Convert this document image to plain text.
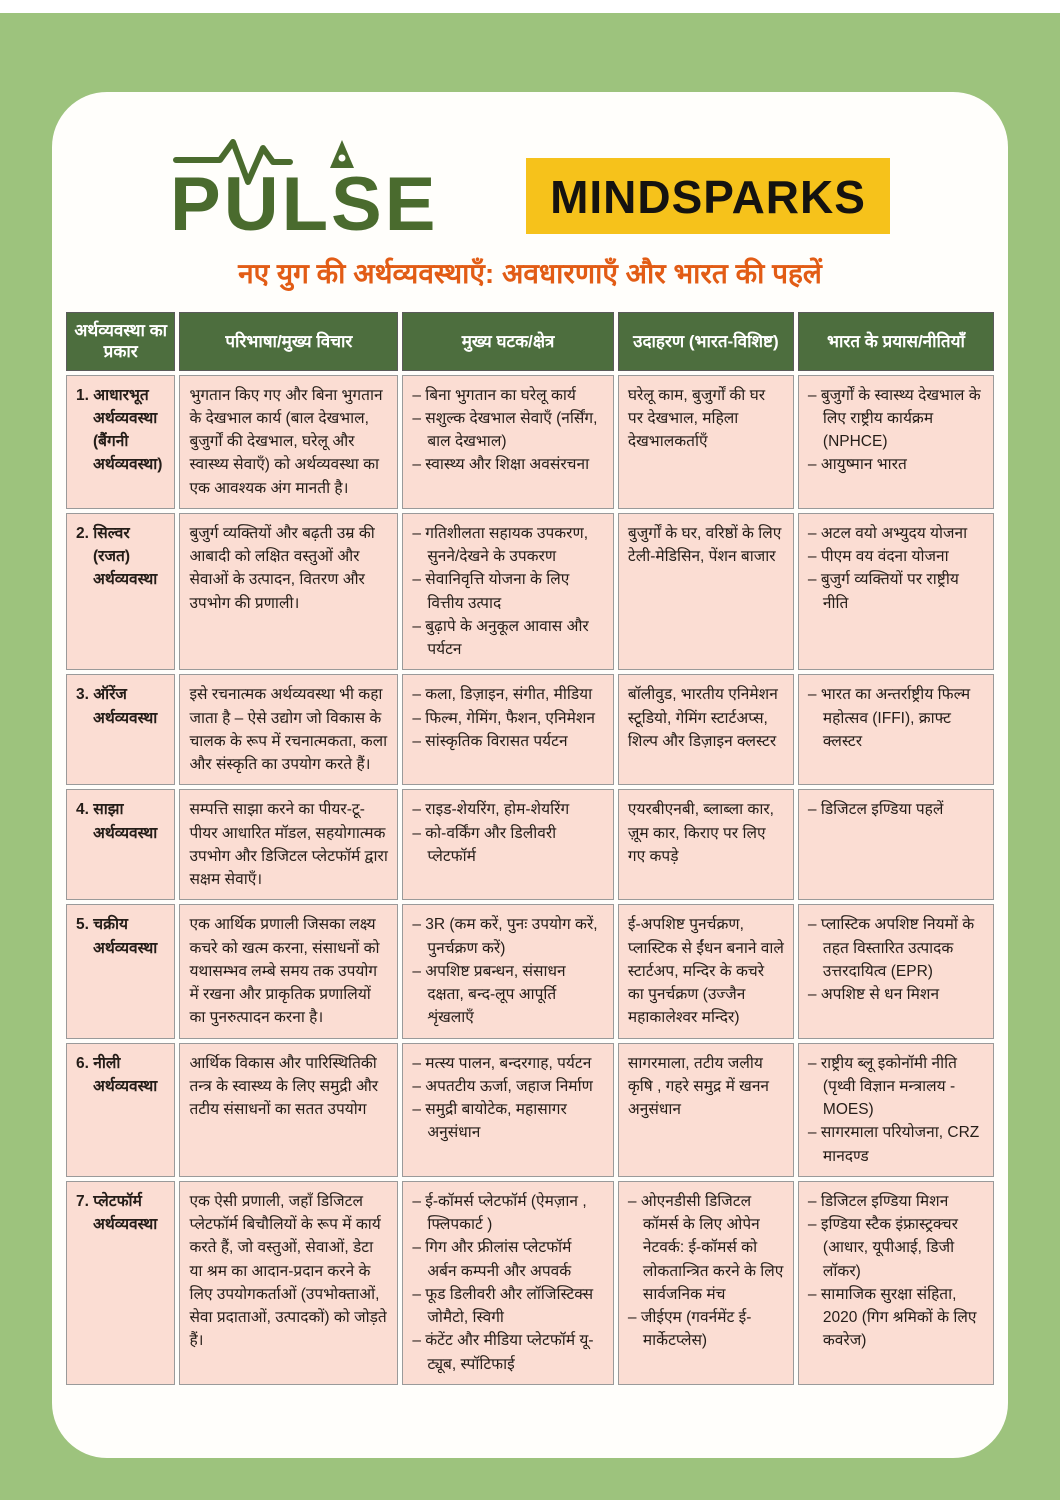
PULSE	MINDSPARKS
नए युग की अर्थव्यवस्थाएँ: अवधारणाएँ और भारत की पहलें
अर्थव्यवस्था का प्रकार	परिभाषा/मुख्य विचार	मुख्य घटक/क्षेत्र	उदाहरण (भारत-विशिष्ट)	भारत के प्रयास/नीतियाँ

1. आधारभूत अर्थव्यवस्था (बैंगनी अर्थव्यवस्था)
	भुगतान किए गए और बिना भुगतान के देखभाल कार्य (बाल देखभाल, बुजुर्गों की देखभाल, घरेलू और स्वास्थ्य सेवाएँ) को अर्थव्यवस्था का एक आवश्यक अंग मानती है।	
– बिना भुगतान का घरेलू कार्य
– सशुल्क देखभाल सेवाएँ (नर्सिंग, बाल देखभाल)
– स्वास्थ्य और शिक्षा अवसंरचना

घरेलू काम, बुजुर्गों की घर पर देखभाल, महिला देखभालकर्ताएँ

– बुजुर्गों के स्वास्थ्य देखभाल के लिए राष्ट्रीय कार्यक्रम (NPHCE)
– आयुष्मान भारत

2. सिल्वर (रजत) अर्थव्यवस्था
	बुजुर्ग व्यक्तियों और बढ़ती उम्र की आबादी को लक्षित वस्तुओं और सेवाओं के उत्पादन, वितरण और उपभोग की प्रणाली।	
– गतिशीलता सहायक उपकरण, सुनने/देखने के उपकरण
– सेवानिवृत्ति योजना के लिए वित्तीय उत्पाद
– बुढ़ापे के अनुकूल आवास और पर्यटन

बुजुर्गों के घर, वरिष्ठों के लिए टेली-मेडिसिन, पेंशन बाजार

– अटल वयो अभ्युदय योजना
– पीएम वय वंदना योजना
– बुजुर्ग व्यक्तियों पर राष्ट्रीय नीति

3. ऑरेंज अर्थव्यवस्था	इसे रचनात्मक अर्थव्यवस्था भी कहा जाता है – ऐसे उद्योग जो विकास के चालक के रूप में रचनात्मकता, कला और संस्कृति का उपयोग करते हैं।	– कला, डिज़ाइन, संगीत, मीडिया
– फिल्म, गेमिंग, फैशन, एनिमेशन
– सांस्कृतिक विरासत पर्यटन	बॉलीवुड, भारतीय एनिमेशन स्टूडियो, गेमिंग स्टार्टअप्स, शिल्प और डिज़ाइन क्लस्टर	– भारत का अन्तर्राष्ट्रीय फिल्म महोत्सव (IFFI), क्राफ्ट क्लस्टर

4. साझा अर्थव्यवस्था	सम्पत्ति साझा करने का पीयर-टू-पीयर आधारित मॉडल, सहयोगात्मक उपभोग और डिजिटल प्लेटफॉर्म द्वारा सक्षम सेवाएँ।	– राइड-शेयरिंग, होम-शेयरिंग
– को-वर्किंग और डिलीवरी प्लेटफॉर्म	एयरबीएनबी, ब्लाब्ला कार, ज़ूम कार, किराए पर लिए गए कपड़े	– डिजिटल इण्डिया पहलें

5. चक्रीय अर्थव्यवस्था
	एक आर्थिक प्रणाली जिसका लक्ष्य कचरे को खत्म करना, संसाधनों को यथासम्भव लम्बे समय तक उपयोग में रखना और प्राकृतिक प्रणालियों का पुनरुत्पादन करना है।	
– 3R (कम करें, पुनः उपयोग करें, पुनर्चक्रण करें)
– अपशिष्ट प्रबन्धन, संसाधन दक्षता, बन्द-लूप आपूर्ति शृंखलाएँ

ई-अपशिष्ट पुनर्चक्रण, प्लास्टिक से ईंधन बनाने वाले स्टार्टअप, मन्दिर के कचरे का पुनर्चक्रण (उज्जैन महाकालेश्वर मन्दिर)

– प्लास्टिक अपशिष्ट नियमों के तहत विस्तारित उत्पादक उत्तरदायित्व (EPR)
– अपशिष्ट से धन मिशन

6. नीली अर्थव्यवस्था
	आर्थिक विकास और पारिस्थितिकी तन्त्र के स्वास्थ्य के लिए समुद्री और तटीय संसाधनों का सतत उपयोग	
– मत्स्य पालन, बन्दरगाह, पर्यटन
– अपतटीय ऊर्जा, जहाज निर्माण
– समुद्री बायोटेक, महासागर अनुसंधान

सागरमाला, तटीय जलीय कृषि , गहरे समुद्र में खनन अनुसंधान

– राष्ट्रीय ब्लू इकोनॉमी नीति (पृथ्वी विज्ञान मन्त्रालय - MOES)
– सागरमाला परियोजना, CRZ मानदण्ड

7. प्लेटफॉर्म अर्थव्यवस्था
	एक ऐसी प्रणाली, जहाँ डिजिटल प्लेटफॉर्म बिचौलियों के रूप में कार्य करते हैं, जो वस्तुओं, सेवाओं, डेटा या श्रम का आदान-प्रदान करने के लिए उपयोगकर्ताओं (उपभोक्ताओं, सेवा प्रदाताओं, उत्पादकों) को जोड़ते हैं।	
– ई-कॉमर्स प्लेटफॉर्म (ऐमज़ान , फ्लिपकार्ट )
– गिग और फ्रीलांस प्लेटफॉर्म अर्बन कम्पनी और अपवर्क
– फूड डिलीवरी और लॉजिस्टिक्स जोमैटो, स्विगी
– कंटेंट और मीडिया प्लेटफॉर्म यू-ट्यूब, स्पॉटिफाई

– ओएनडीसी डिजिटल कॉमर्स के लिए ओपेन नेटवर्क: ई-कॉमर्स को लोकतान्त्रित करने के लिए सार्वजनिक मंच
– जीईएम (गवर्नमेंट ई-मार्केटप्लेस)

– डिजिटल इण्डिया मिशन
– इण्डिया स्टैक इंफ्रास्ट्रक्चर (आधार, यूपीआई, डिजी लॉकर)
– सामाजिक सुरक्षा संहिता, 2020 (गिग श्रमिकों के लिए कवरेज)
